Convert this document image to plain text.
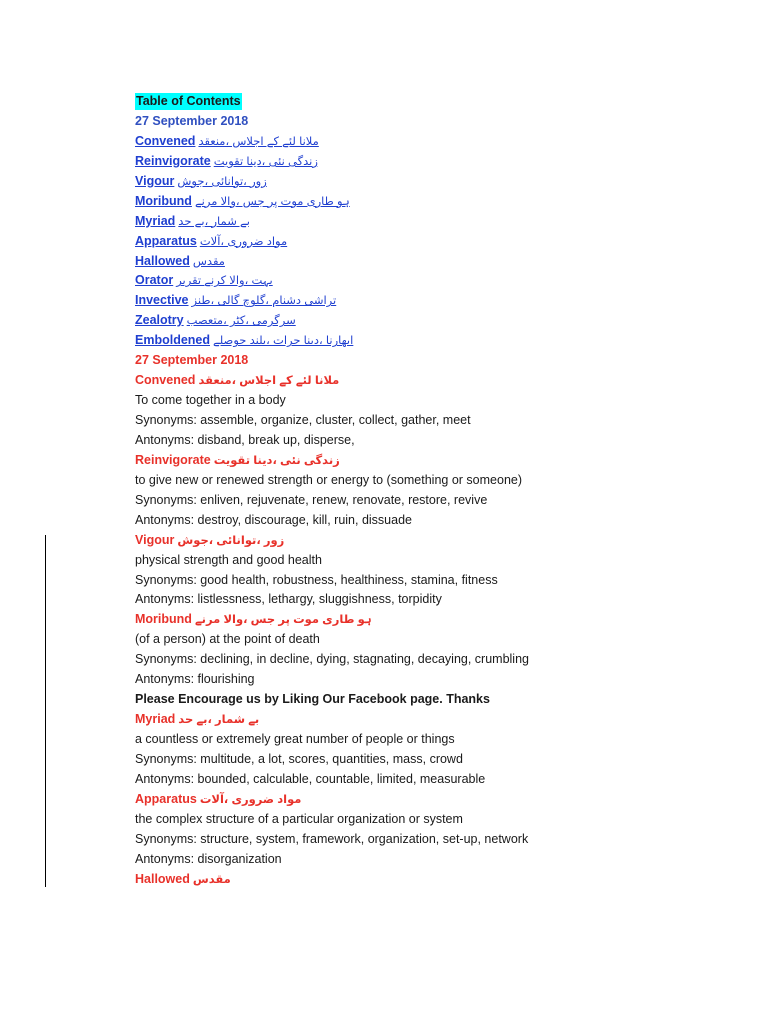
Table of Contents
27 September 2018
Convened ملانا لئے کے اجلاس ،منعقد
Reinvigorate زندگی نئی ،دینا تقویت
Vigour زور ،توانائی ،جوش
Moribund ہو طاری موت پر جس ،والا مرنے
Myriad بے شمار ،بے حد
Apparatus مواد ضروری ،آلات
Hallowed مقدس
Orator بہت ،والا کرنے تقریر
Invective تراشی دشنام ،گلوچ گالی ،طنز
Zealotry سرگرمی ،کٹر ،متعصب
Emboldened ابھارنا ،دینا جرات ،بلند حوصلے
27 September 2018
Convened ملانا لئے کے اجلاس ،منعقد
To come together in a body
Synonyms: assemble, organize, cluster, collect, gather, meet
Antonyms: disband, break up, disperse,
Reinvigorate زندگی نئی ،دینا تقویت
to give new or renewed strength or energy to (something or someone)
Synonyms: enliven, rejuvenate, renew, renovate, restore, revive
Antonyms: destroy, discourage, kill, ruin, dissuade
Vigour زور ،توانائی ،جوش
physical strength and good health
Synonyms: good health, robustness, healthiness, stamina, fitness
Antonyms: listlessness, lethargy, sluggishness, torpidity
Moribund ہو طاری موت پر جس ،والا مرنے
(of a person) at the point of death
Synonyms: declining, in decline, dying, stagnating, decaying, crumbling
Antonyms: flourishing
Please Encourage us by Liking Our Facebook page. Thanks
Myriad بے شمار ،بے حد
a countless or extremely great number of people or things
Synonyms: multitude, a lot, scores, quantities, mass, crowd
Antonyms: bounded, calculable, countable, limited, measurable
Apparatus مواد ضروری ،آلات
the complex structure of a particular organization or system
Synonyms: structure, system, framework, organization, set-up, network
Antonyms: disorganization
Hallowed مقدس
